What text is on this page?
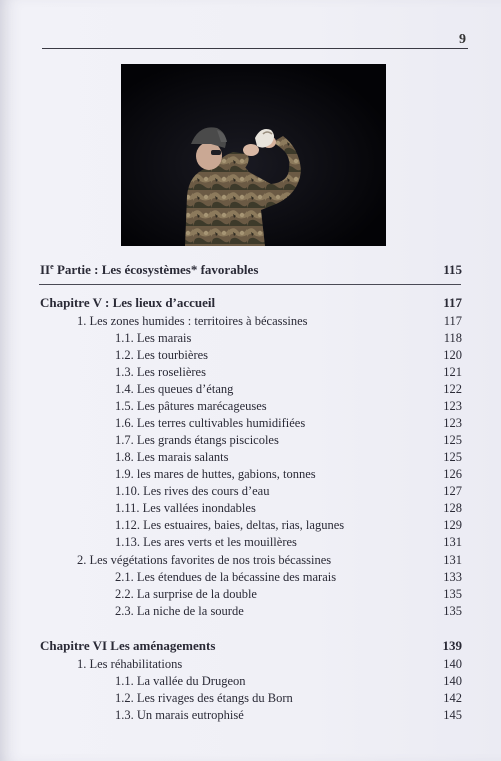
9
IIe Partie : Les écosystèmes* favorables	115
Chapitre V : Les lieux d’accueil	117
1. Les zones humides : territoires à bécassines	117
1.1. Les marais	118
1.2. Les tourbières	120
1.3. Les roselières	121
1.4. Les queues d’étang	122
1.5. Les pâtures marécageuses	123
1.6. Les terres cultivables humidifiées	123
1.7. Les grands étangs piscicoles	125
1.8. Les marais salants	125
1.9. les mares de huttes, gabions, tonnes	126
1.10. Les rives des cours d’eau	127
1.11. Les vallées inondables	128
1.12. Les estuaires, baies, deltas, rias, lagunes	129
1.13. Les ares verts et les mouillères	131
2. Les végétations favorites de nos trois bécassines	131
2.1. Les étendues de la bécassine des marais	133
2.2. La surprise de la double	135
2.3. La niche de la sourde	135
Chapitre VI Les aménagements	139
1. Les réhabilitations	140
1.1. La vallée du Drugeon	140
1.2. Les rivages des étangs du Born	142
1.3. Un marais eutrophisé	145
